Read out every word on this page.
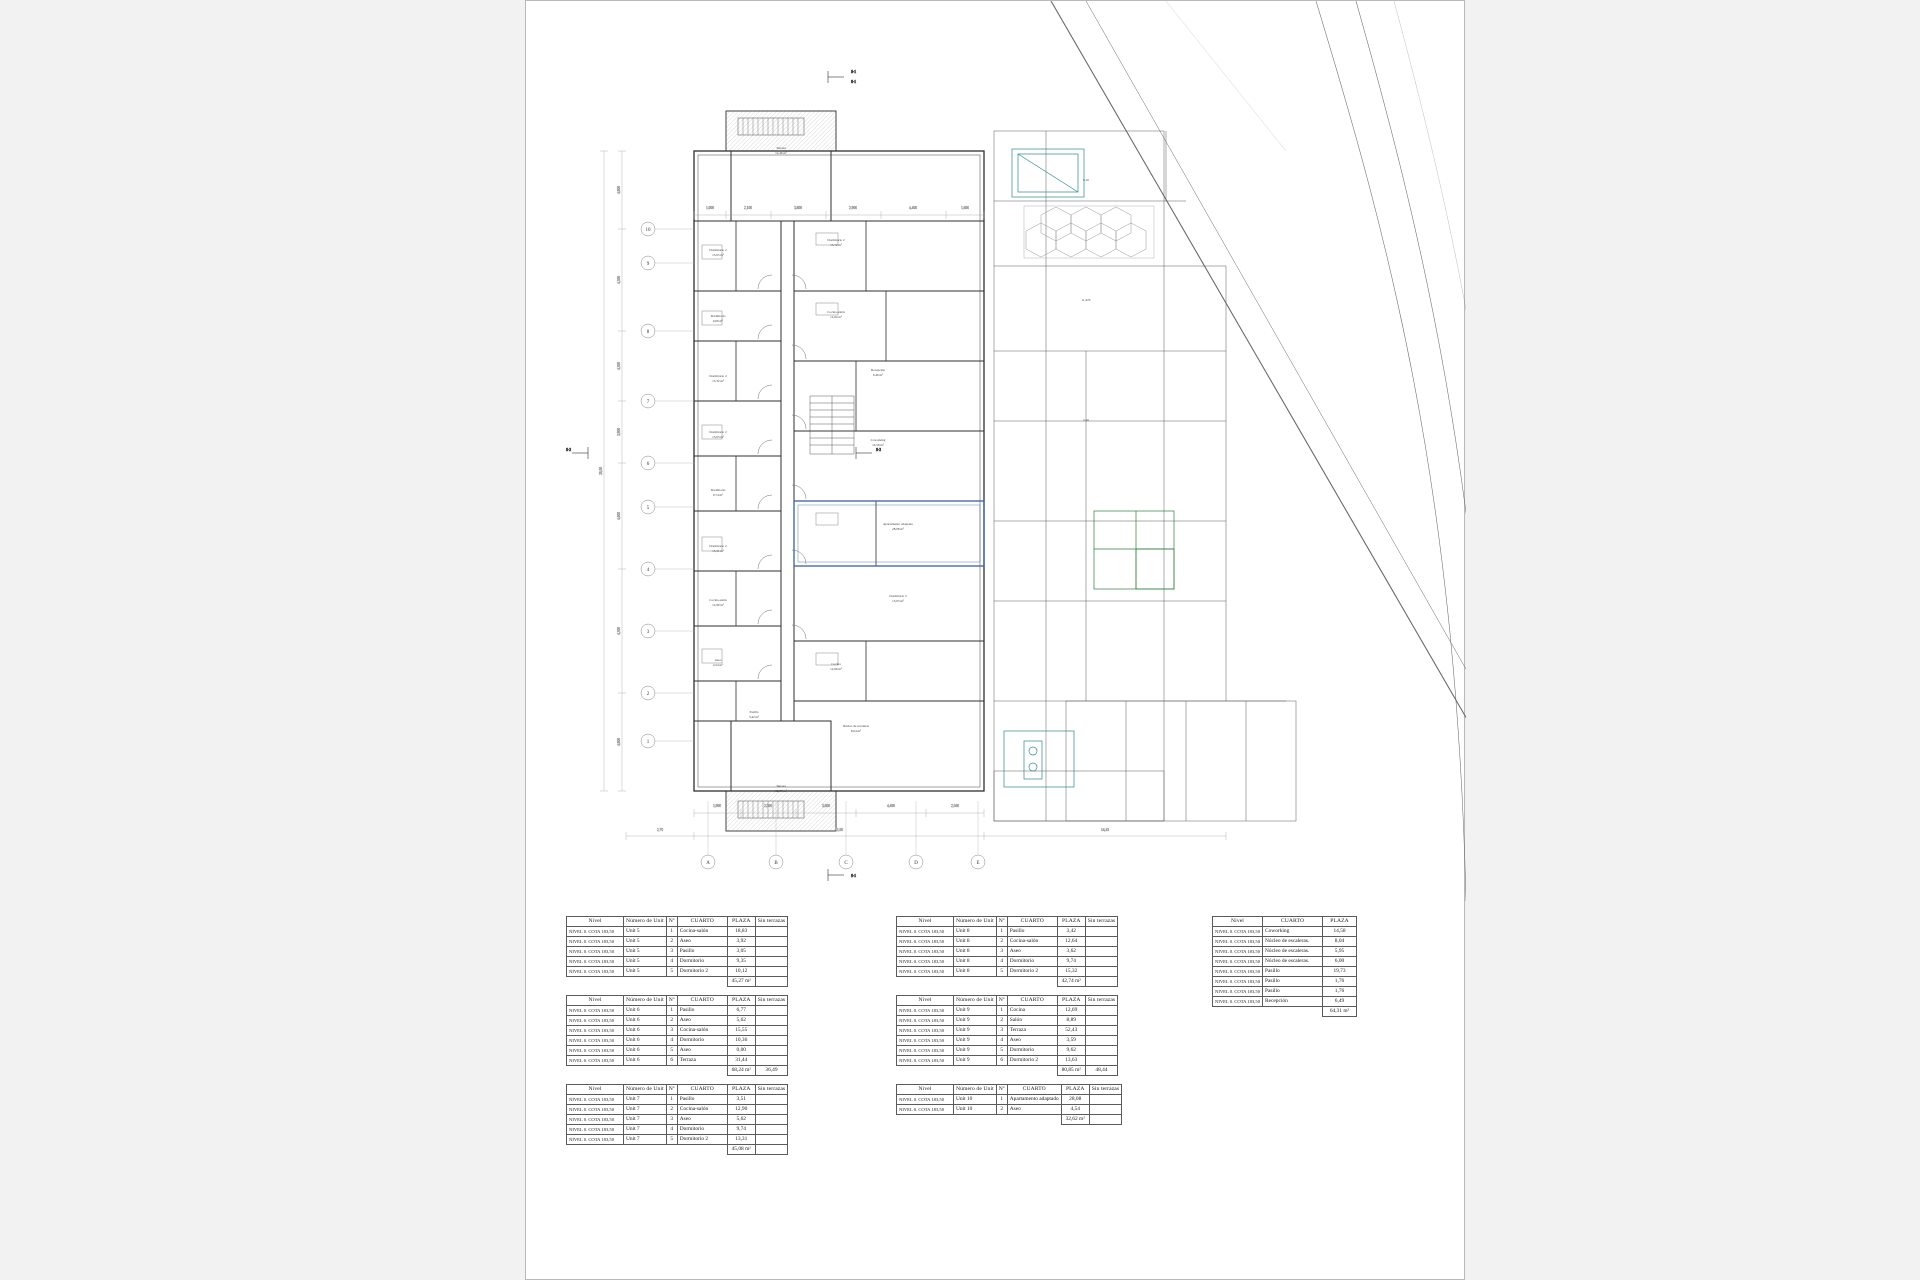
1
2
3
4
5
6
7
8
9
10
A	B	C	D	E
1,000	2,100	3,800	2,900	4,400	1,600
1,900	2,500	3,600	4,400	2,500
2,70	42,00	14,43
4,000
4,300
4,300
3,900
4,000
4,300
4,000
28,00
S-1
S-1
S-1
S-2	S-2
Terraza
12,46 m²
Dormitorio 2
15,05 m²
Dormitorio 2
15,72 m²
Dormitorio
9,06 m²
Cocina-salón
12,64 m²
Dormitorio 2
15,32 m²
Recepción
6,49 m²
Dormitorio 2
13,63 m²
Coworking
14,58 m²
Dormitorio
9,74 m²
Apartamento adaptado
28,08 m²
Dormitorio 2
15,31 m²
Cocina-salón
12,90 m²
Dormitorio 2
13,63 m²
Aseo
4,54 m²	Cocina
12,69 m²
Pasillo
3,42 m²
Núcleo de escaleras
8,04 m²
Terraza
12,87 m²
9,10
11,470
5,10
Nivel	Número de Unit	Nº	CUARTO	PLAZA	Sin terrazas
NIVEL 0. COTA 183,50	Unit 5	1	Cocina-salón	18,83	
NIVEL 0. COTA 183,50	Unit 5	2	Aseo	3,92	
NIVEL 0. COTA 183,50	Unit 5	3	Pasillo	3,05	
NIVEL 0. COTA 183,50	Unit 5	4	Dormitorio	9,35	
NIVEL 0. COTA 183,50	Unit 5	5	Dormitorio 2	10,12	
				45,27 m²	
Nivel	Número de Unit	Nº	CUARTO	PLAZA	Sin terrazas
NIVEL 0. COTA 183,50	Unit 6	1	Pasillo	6,77	
NIVEL 0. COTA 183,50	Unit 6	2	Aseo	5,62	
NIVEL 0. COTA 183,50	Unit 6	3	Cocina-salón	15,55	
NIVEL 0. COTA 183,50	Unit 6	4	Dormitorio	10,36	
NIVEL 0. COTA 183,50	Unit 6	5	Aseo	0,00	
NIVEL 0. COTA 183,50	Unit 6	6	Terraza	31,44	
				68,24 m²	36,49
Nivel	Número de Unit	Nº	CUARTO	PLAZA	Sin terrazas
NIVEL 0. COTA 183,50	Unit 7	1	Pasillo	3,51	
NIVEL 0. COTA 183,50	Unit 7	2	Cocina-salón	12,90	
NIVEL 0. COTA 183,50	Unit 7	3	Aseo	5,62	
NIVEL 0. COTA 183,50	Unit 7	4	Dormitorio	9,74	
NIVEL 0. COTA 183,50	Unit 7	5	Dormitorio 2	13,31	
				45,08 m²	
Nivel	Número de Unit	Nº	CUARTO	PLAZA	Sin terrazas
NIVEL 0. COTA 183,50	Unit 8	1	Pasillo	3,42	
NIVEL 0. COTA 183,50	Unit 8	2	Cocina-salón	12,64	
NIVEL 0. COTA 183,50	Unit 8	3	Aseo	3,62	
NIVEL 0. COTA 183,50	Unit 8	4	Dormitorio	9,74	
NIVEL 0. COTA 183,50	Unit 8	5	Dormitorio 2	15,32	
				42,74 m²	
Nivel	Número de Unit	Nº	CUARTO	PLAZA	Sin terrazas
NIVEL 0. COTA 183,50	Unit 9	1	Cocina	12,69	
NIVEL 0. COTA 183,50	Unit 9	2	Salón	8,89	
NIVEL 0. COTA 183,50	Unit 9	3	Terraza	52,43	
NIVEL 0. COTA 183,50	Unit 9	4	Aseo	3,59	
NIVEL 0. COTA 183,50	Unit 9	5	Dormitorio	9,62	
NIVEL 0. COTA 183,50	Unit 9	6	Dormitorio 2	13,63	
				80,85 m²	48,44
Nivel	Número de Unit	Nº	CUARTO	PLAZA	Sin terrazas
NIVEL 0. COTA 183,50	Unit 10	1	Apartamento adaptado	28,08	
NIVEL 0. COTA 183,50	Unit 10	2	Aseo	4,54	
				32,62 m²	
Nivel	CUARTO	PLAZA
NIVEL 0. COTA 183,50	Coworking	14,58
NIVEL 0. COTA 183,50	Núcleo de escaleras.	8,04
NIVEL 0. COTA 183,50	Núcleo de escaleras.	5,95
NIVEL 0. COTA 183,50	Núcleo de escaleras.	6,00
NIVEL 0. COTA 183,50	Pasillo	19,73
NIVEL 0. COTA 183,50	Pasillo	1,76
NIVEL 0. COTA 183,50	Pasillo	1,76
NIVEL 0. COTA 183,50	Recepción	6,49
		64,31 m²
